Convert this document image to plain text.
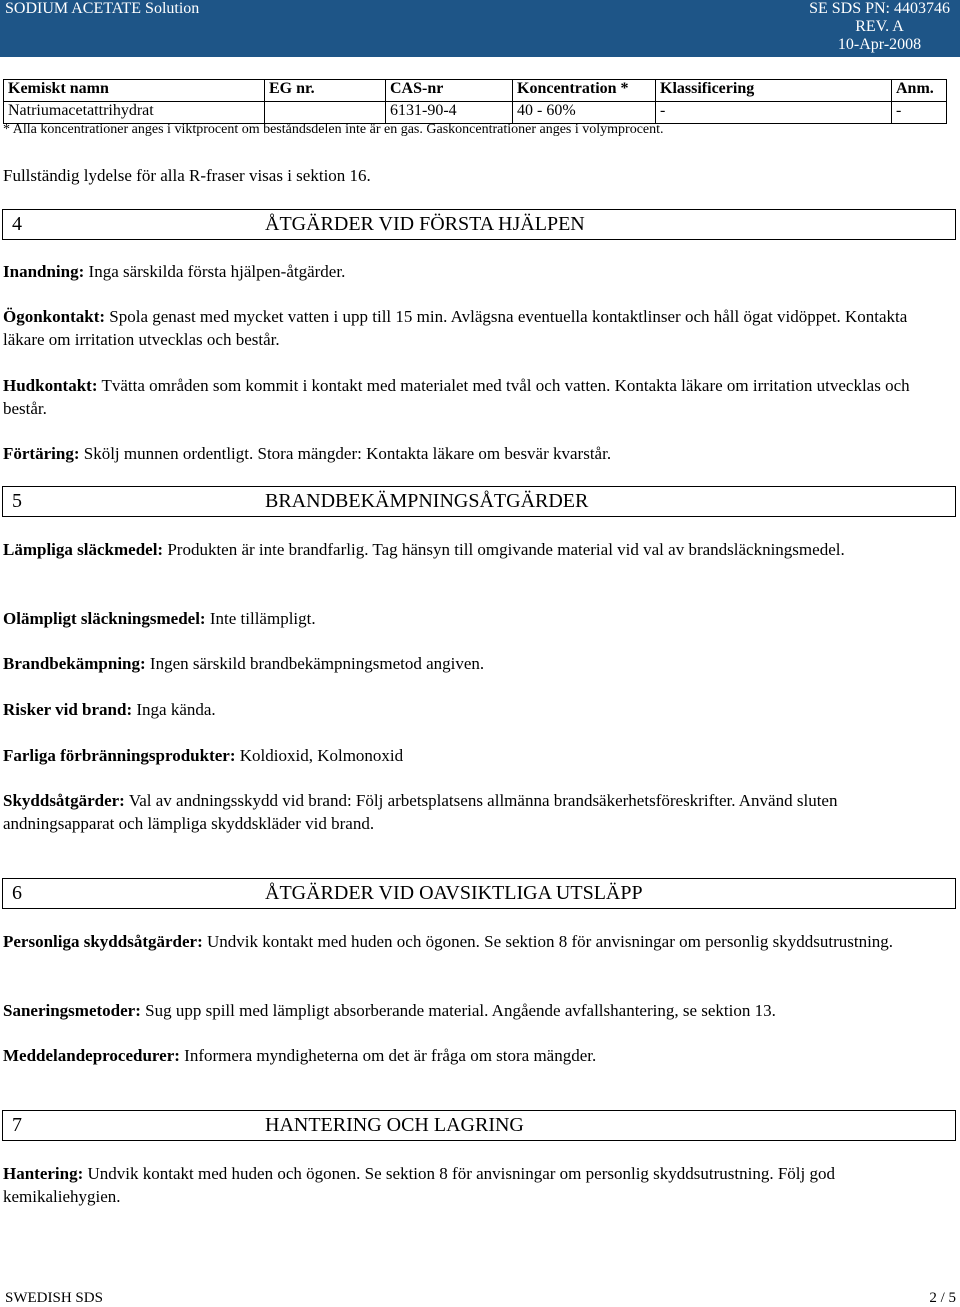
SODIUM ACETATE Solution	SE SDS PN: 4403746
REV. A
10-Apr-2008
Kemiskt namn	EG nr.	CAS-nr	Koncentration *	Klassificering	Anm.
Natriumacetattrihydrat		6131-90-4	40 - 60%	-	-
* Alla koncentrationer anges i viktprocent om beståndsdelen inte är en gas. Gaskoncentrationer anges i volymprocent.
Fullständig lydelse för alla R-fraser visas i sektion 16.
4	ÅTGÄRDER VID FÖRSTA HJÄLPEN
Inandning: Inga särskilda första hjälpen-åtgärder.
Ögonkontakt: Spola genast med mycket vatten i upp till 15 min. Avlägsna eventuella kontaktlinser och håll ögat vidöppet. Kontakta läkare om irritation utvecklas och består.
Hudkontakt: Tvätta områden som kommit i kontakt med materialet med tvål och vatten. Kontakta läkare om irritation utvecklas och består.
Förtäring: Skölj munnen ordentligt. Stora mängder: Kontakta läkare om besvär kvarstår.
5	BRANDBEKÄMPNINGSÅTGÄRDER
Lämpliga släckmedel: Produkten är inte brandfarlig. Tag hänsyn till omgivande material vid val av brandsläckningsmedel.
Olämpligt släckningsmedel: Inte tillämpligt.
Brandbekämpning: Ingen särskild brandbekämpningsmetod angiven.
Risker vid brand: Inga kända.
Farliga förbränningsprodukter: Koldioxid, Kolmonoxid
Skyddsåtgärder: Val av andningsskydd vid brand: Följ arbetsplatsens allmänna brandsäkerhetsföreskrifter. Använd sluten andningsapparat och lämpliga skyddskläder vid brand.
6	ÅTGÄRDER VID OAVSIKTLIGA UTSLÄPP
Personliga skyddsåtgärder: Undvik kontakt med huden och ögonen. Se sektion 8 för anvisningar om personlig skyddsutrustning.
Saneringsmetoder: Sug upp spill med lämpligt absorberande material. Angående avfallshantering, se sektion 13.
Meddelandeprocedurer: Informera myndigheterna om det är fråga om stora mängder.
7	HANTERING OCH LAGRING
Hantering: Undvik kontakt med huden och ögonen. Se sektion 8 för anvisningar om personlig skyddsutrustning. Följ god kemikaliehygien.
SWEDISH SDS	2 / 5
